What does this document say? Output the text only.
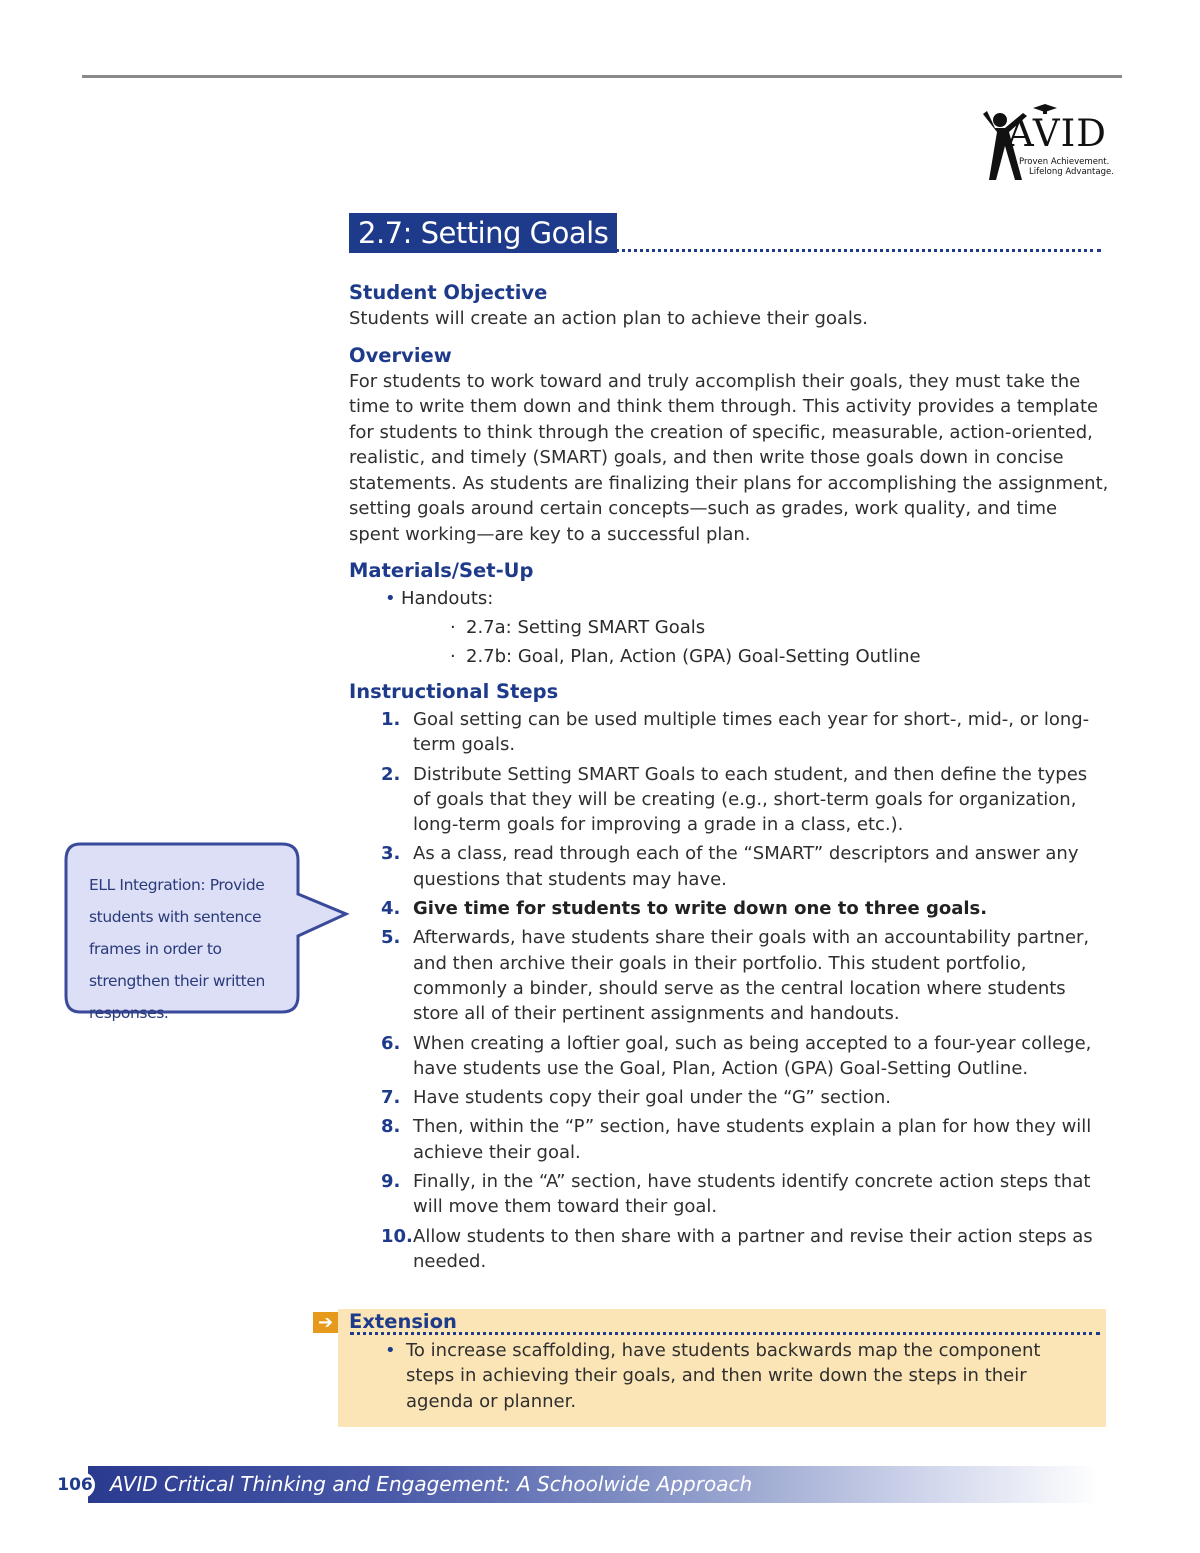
AVID
Proven Achievement.
Lifelong Advantage.
2.7: Setting Goals
Student Objective

Students will create an action plan to achieve their goals.

Overview

For students to work toward and truly accomplish their goals, they must take the time to write them down and think them through. This activity provides a template for students to think through the creation of specific, measurable, action-oriented, realistic, and timely (SMART) goals, and then write those goals down in concise statements. As students are finalizing their plans for accomplishing the assignment, setting goals around certain concepts—such as grades, work quality, and time spent working—are key to a successful plan.

Materials/Set-Up
• Handouts:
· 2.7a: Setting SMART Goals
· 2.7b: Goal, Plan, Action (GPA) Goal-Setting Outline
Instructional Steps
1. Goal setting can be used multiple times each year for short-, mid-, or long-term goals.
2. Distribute Setting SMART Goals to each student, and then define the types of goals that they will be creating (e.g., short-term goals for organization, long-term goals for improving a grade in a class, etc.).
3. As a class, read through each of the “SMART” descriptors and answer any questions that students may have.
4. Give time for students to write down one to three goals.
5. Afterwards, have students share their goals with an accountability partner, and then archive their goals in their portfolio. This student portfolio, commonly a binder, should serve as the central location where students store all of their pertinent assignments and handouts.
6. When creating a loftier goal, such as being accepted to a four-year college, have students use the Goal, Plan, Action (GPA) Goal-Setting Outline.
7. Have students copy their goal under the “G” section.
8. Then, within the “P” section, have students explain a plan for how they will achieve their goal.
9. Finally, in the “A” section, have students identify concrete action steps that will move them toward their goal.
10. Allow students to then share with a partner and revise their action steps as needed.
➔ Extension
• To increase scaffolding, have students backwards map the component steps in achieving their goals, and then write down the steps in their agenda or planner.
ELL Integration: Provide students with sentence frames in order to strengthen their written responses.
106 AVID Critical Thinking and Engagement: A Schoolwide Approach
